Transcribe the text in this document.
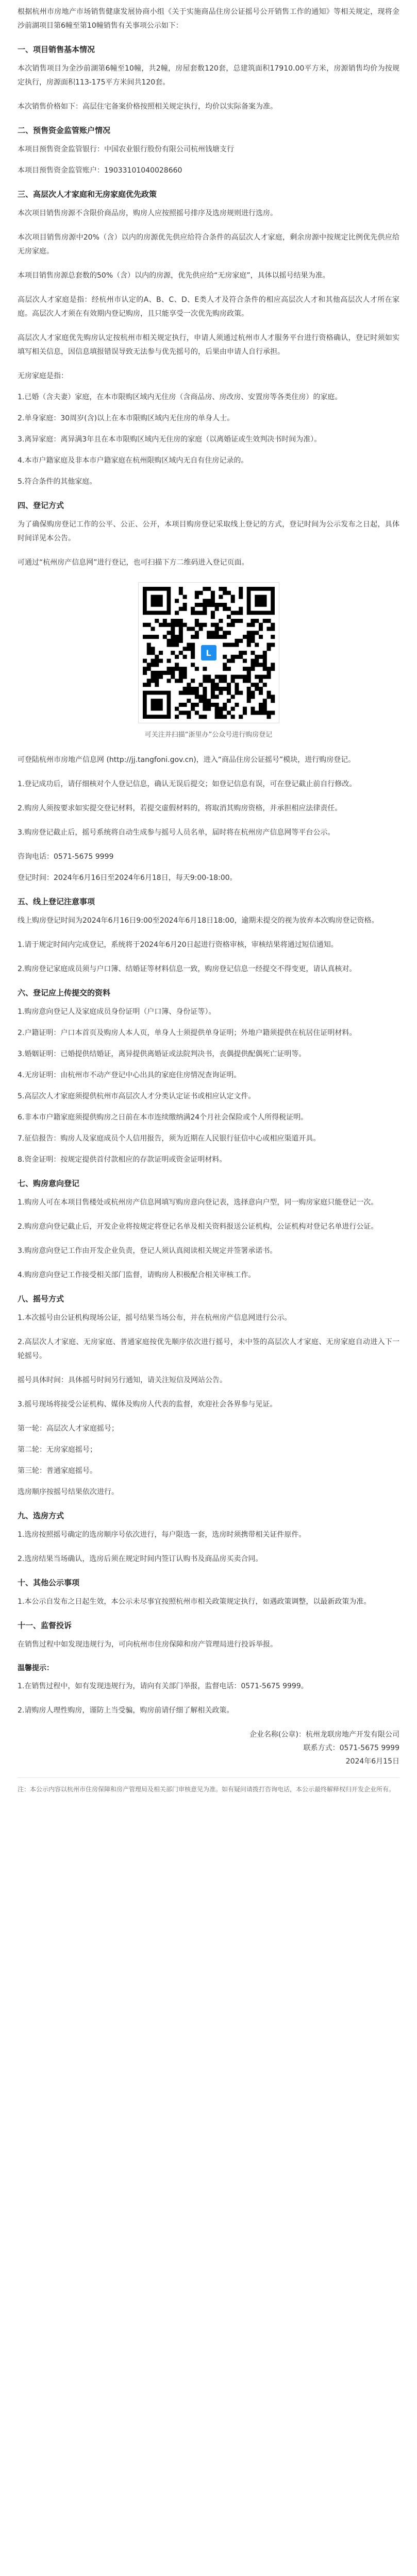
根据杭州市房地产市场销售健康发展协商小组《关于实施商品住房公证摇号公开销售工作的通知》等相关规定，现将金沙前湖项目第6幢至第10幢销售有关事项公示如下：

一、项目销售基本情况

本次销售项目为金沙前湖第6幢至10幢，共2幢，房屋套数120套，总建筑面积17910.00平方米，房源销售均价为按规定执行，房源面积113-175平方米间共120套。

本次销售价格如下：高层住宅备案价格按照相关规定执行，均价以实际备案为准。

二、预售资金监管账户情况

本项目预售资金监管银行：中国农业银行股份有限公司杭州钱塘支行

本项目预售资金监管账户：19033101040028660

三、高层次人才家庭和无房家庭优先政策

本次项目销售房源不含限价商品房，购房人应按照摇号排序及选房规则进行选房。

本次项目销售房源中20%（含）以内的房源优先供应给符合条件的高层次人才家庭，剩余房源中按规定比例优先供应给无房家庭。

本项目销售房源总套数的50%（含）以内的房源，优先供应给“无房家庭”，具体以摇号结果为准。

高层次人才家庭是指：经杭州市认定的A、B、C、D、E类人才及符合条件的相应高层次人才和其他高层次人才所在家庭。高层次人才须在有效期内登记购房，且只能享受一次优先购房政策。

高层次人才家庭优先购房认定按杭州市相关规定执行，申请人须通过杭州市人才服务平台进行资格确认，登记时须如实填写相关信息，因信息填报错误导致无法参与优先摇号的，后果由申请人自行承担。

无房家庭是指：

1.已婚（含夫妻）家庭，在本市限购区域内无住房（含商品房、房改房、安置房等各类住房）的家庭。

2.单身家庭：30周岁(含)以上在本市限购区域内无住房的单身人士。

3.离异家庭：离异满3年且在本市限购区域内无住房的家庭（以离婚证或生效判决书时间为准）。

4.本市户籍家庭及非本市户籍家庭在杭州限购区域内无自有住房记录的。

5.符合条件的其他家庭。

四、登记方式

为了确保购房登记工作的公平、公正、公开，本项目购房登记采取线上登记的方式，登记时间为公示发布之日起，具体时间详见本公告。

可通过“杭州房产信息网”进行登记，也可扫描下方二维码进入登记页面。

L

可关注并扫描“浙里办”公众号进行购房登记

可登陆杭州市房地产信息网 (http://jj.tangfoni.gov.cn)，进入“商品住房公证摇号”模块，进行购房登记。

1.登记成功后，请仔细核对个人登记信息，确认无误后提交；如登记信息有误，可在登记截止前自行修改。

2.购房人须按要求如实提交登记材料，若提交虚假材料的，将取消其购房资格，并承担相应法律责任。

3.购房登记截止后，摇号系统将自动生成参与摇号人员名单，届时将在杭州房产信息网等平台公示。

咨询电话：0571-5675 9999

登记时间：2024年6月16日至2024年6月18日，每天9:00-18:00。

五、线上登记注意事项

线上购房登记时间为2024年6月16日9:00至2024年6月18日18:00，逾期未提交的视为放弃本次购房登记资格。

1.请于规定时间内完成登记，系统将于2024年6月20日起进行资格审核，审核结果将通过短信通知。

2.购房登记家庭成员须与户口簿、结婚证等材料信息一致，购房登记信息一经提交不得变更，请认真核对。

六、登记应上传提交的资料

1.购房意向登记人及家庭成员身份证明（户口簿、身份证等）。

2.户籍证明：户口本首页及购房人本人页，单身人士须提供单身证明；外地户籍须提供在杭居住证明材料。

3.婚姻证明：已婚提供结婚证，离异提供离婚证或法院判决书，丧偶提供配偶死亡证明等。

4.无房证明：由杭州市不动产登记中心出具的家庭住房情况查询证明。

5.高层次人才家庭须提供杭州市高层次人才分类认定证书或相应认定文件。

6.非本市户籍家庭须提供购房之日前在本市连续缴纳满24个月社会保险或个人所得税证明。

7.征信报告：购房人及家庭成员个人信用报告，须为近期在人民银行征信中心或相应渠道开具。

8.资金证明：按规定提供首付款相应的存款证明或资金证明材料。

七、购房意向登记

1.购房人可在本项目售楼处或杭州房产信息网填写购房意向登记表，选择意向户型，同一购房家庭只能登记一次。

2.购房意向登记截止后，开发企业将按规定将登记名单及相关资料报送公证机构，公证机构对登记名单进行公证。

3.购房意向登记工作由开发企业负责，登记人须认真阅读相关规定并签署承诺书。

4.购房意向登记工作接受相关部门监督，请购房人积极配合相关审核工作。

八、摇号方式

1.本次摇号由公证机构现场公证，摇号结果当场公布，并在杭州房产信息网进行公示。

2.高层次人才家庭、无房家庭、普通家庭按优先顺序依次进行摇号，未中签的高层次人才家庭、无房家庭自动进入下一轮摇号。

摇号具体时间：具体摇号时间另行通知，请关注短信及网站公告。

3.摇号现场将接受公证机构、媒体及购房人代表的监督，欢迎社会各界参与见证。

第一轮：高层次人才家庭摇号；

第二轮：无房家庭摇号；

第三轮：普通家庭摇号。

选房顺序按摇号结果依次进行。

九、选房方式

1.选房按照摇号确定的选房顺序号依次进行，每户限选一套，选房时须携带相关证件原件。

2.选房结果当场确认，选房后须在规定时间内签订认购书及商品房买卖合同。

十、其他公示事项

1.本公示自发布之日起生效，本公示未尽事宜按照杭州市相关政策规定执行，如遇政策调整，以最新政策为准。

十一、监督投诉

在销售过程中如发现违规行为，可向杭州市住房保障和房产管理局进行投诉举报。

温馨提示：

1.在销售过程中，如有发现违规行为，请向有关部门举报，监督电话：0571-5675 9999。

2.请购房人理性购房，谨防上当受骗，购房前请仔细了解相关政策。

企业名称(公章)：杭州龙联房地产开发有限公司

联系方式：0571-5675 9999

2024年6月15日

注：本公示内容以杭州市住房保障和房产管理局及相关部门审核意见为准。如有疑问请拨打咨询电话，本公示最终解释权归开发企业所有。
